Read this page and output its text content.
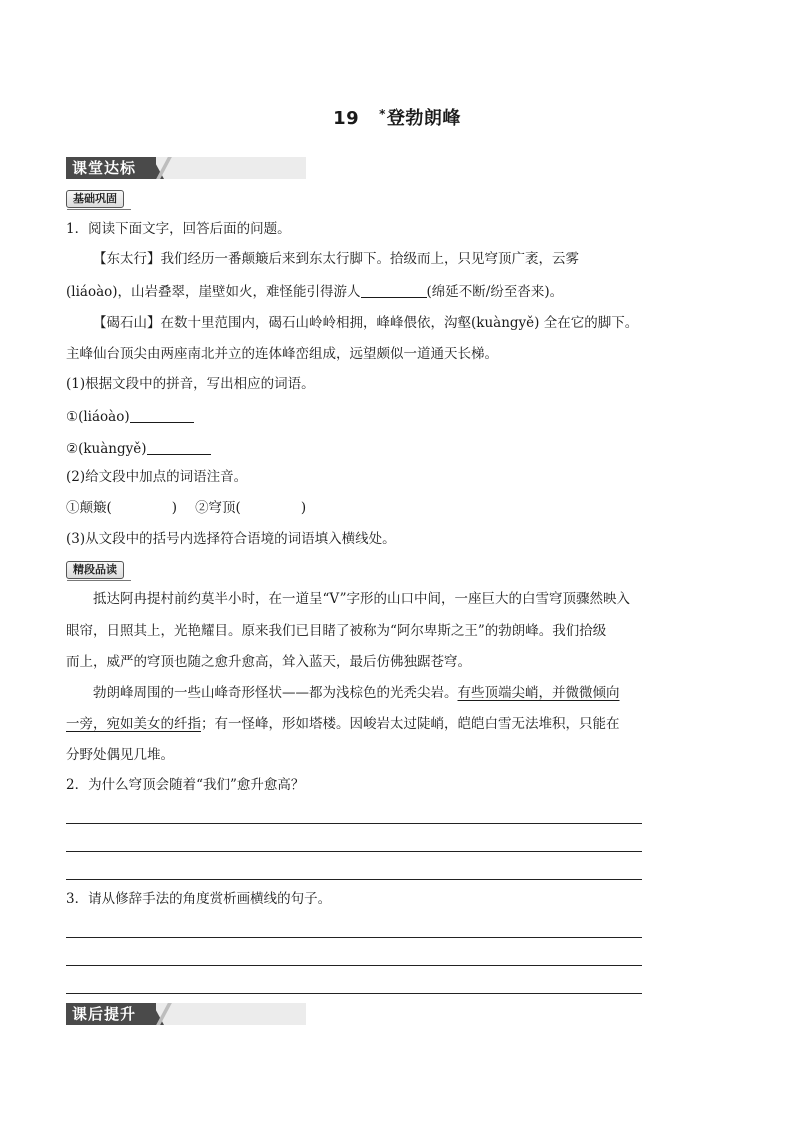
19 *登勃朗峰
课堂达标
基础巩固
1．阅读下面文字，回答后面的问题。
【东太行】我们经历一番颠簸后来到东太行脚下。拾级而上，只见穹顶广袤，云雾
(liáoào)，山岩叠翠，崖壁如火，难怪能引得游人	(绵延不断/纷至沓来)。
【碣石山】在数十里范围内，碣石山岭岭相拥，峰峰偎依，沟壑(kuàngyě) 全在它的脚下。
主峰仙台顶尖由两座南北并立的连体峰峦组成，远望颇似一道通天长梯。
(1)根据文段中的拼音，写出相应的词语。
①(liáoào)
②(kuàngyě)
(2)给文段中加点的词语注音。
①颠簸(	) ②穹顶(	)
(3)从文段中的括号内选择符合语境的词语填入横线处。
精段品读
抵达阿冉提村前约莫半小时，在一道呈“V”字形的山口中间，一座巨大的白雪穹顶骤然映入
眼帘，日照其上，光艳耀目。原来我们已目睹了被称为“阿尔卑斯之王”的勃朗峰。我们拾级
而上，威严的穹顶也随之愈升愈高，耸入蓝天，最后仿佛独踞苍穹。
勃朗峰周围的一些山峰奇形怪状——都为浅棕色的光秃尖岩。有些顶端尖峭，并微微倾向
一旁，宛如美女的纤指；有一怪峰，形如塔楼。因峻岩太过陡峭，皑皑白雪无法堆积，只能在
分野处偶见几堆。
2．为什么穹顶会随着“我们”愈升愈高？
3．请从修辞手法的角度赏析画横线的句子。
课后提升
